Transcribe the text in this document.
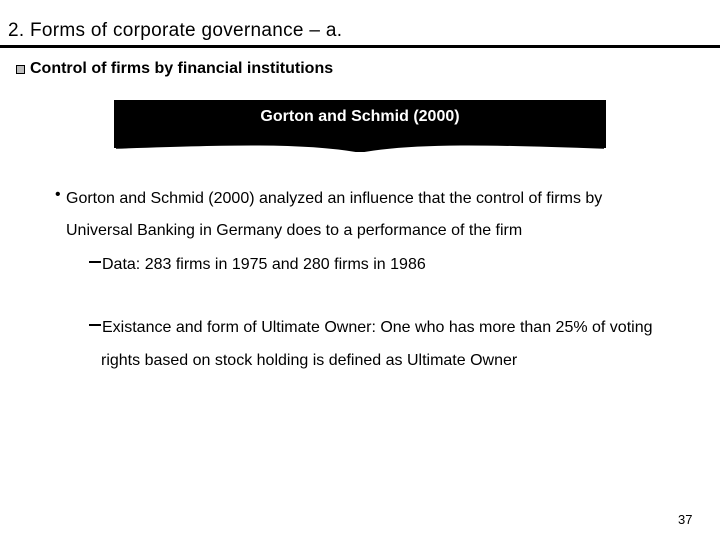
2. Forms of corporate governance – a.
Control of firms by financial institutions
Gorton and Schmid (2000)
• Gorton and Schmid (2000) analyzed an influence that the control of firms by
Universal Banking in Germany does to a performance of the firm
Data: 283 firms in 1975 and 280 firms in 1986
Existance and form of Ultimate Owner: One who has more than 25% of voting
rights based on stock holding is defined as Ultimate Owner
37
